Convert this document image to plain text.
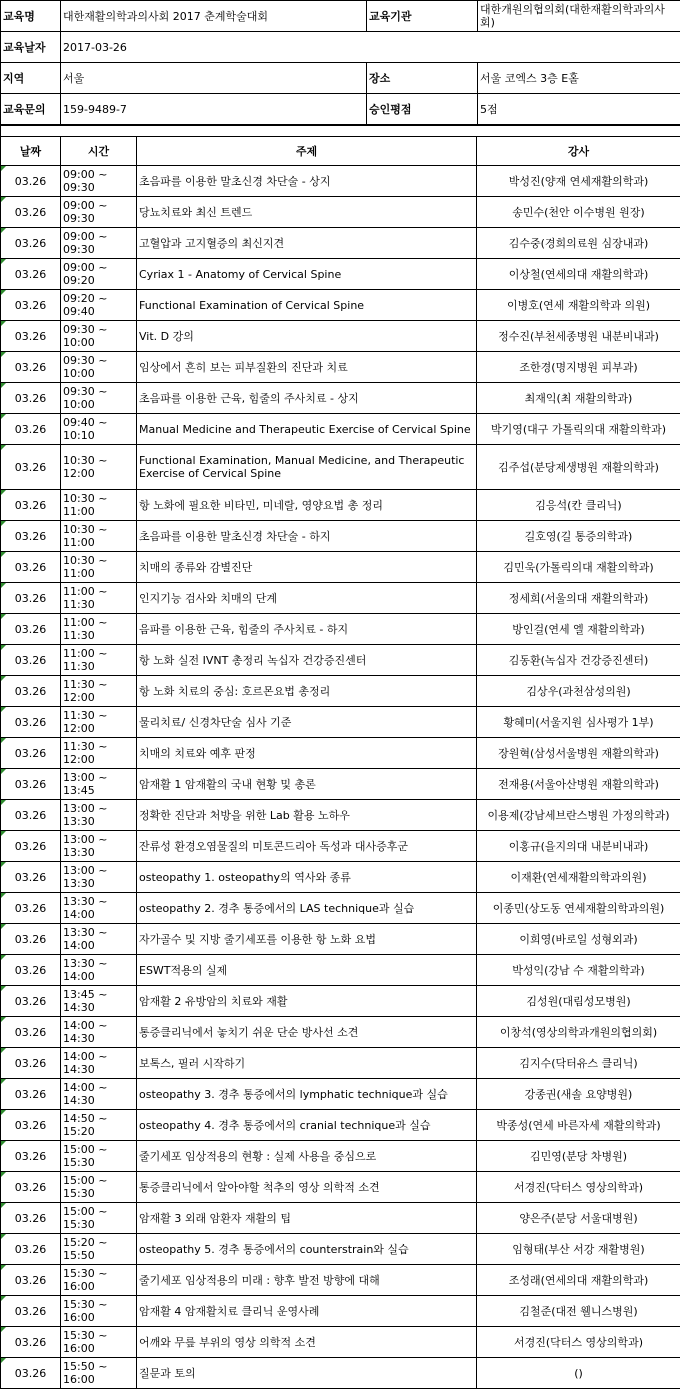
교육명	대한재활의학과의사회 2017 춘계학술대회	교육기관	대한개원의협의회(대한재활의학과의사회)
교육날자	2017-03-26		
지역	서울	장소	서울 코엑스 3층 E홀
교육문의	159-9489-7	승인평점	5점

날짜	시간	주제	강사

03.26	09:00 ~ 09:30	초음파를 이용한 말초신경 차단술 - 상지	박성진(양재 연세재활의학과)

03.26	09:00 ~ 09:30	당뇨치료와 최신 트렌드	송민수(천안 이수병원 원장)

03.26	09:00 ~ 09:30	고혈압과 고지혈증의 최신지견	김수중(경희의료원 심장내과)

03.26	09:00 ~ 09:20	Cyriax 1 - Anatomy of Cervical Spine	이상철(연세의대 재활의학과)

03.26	09:20 ~ 09:40	Functional Examination of Cervical Spine	이병호(연세 재활의학과 의원)

03.26	09:30 ~ 10:00	Vit. D 강의	정수진(부천세종병원 내분비내과)

03.26	09:30 ~ 10:00	임상에서 흔히 보는 피부질환의 진단과 치료	조한경(명지병원 피부과)

03.26	09:30 ~ 10:00	초음파를 이용한 근육, 힘줄의 주사치료 - 상지	최재익(최 재활의학과)

03.26	09:40 ~ 10:10	Manual Medicine and Therapeutic Exercise of Cervical Spine	박기영(대구 가톨릭의대 재활의학과)

03.26	10:30 ~ 12:00	Functional Examination, Manual Medicine, and Therapeutic Exercise of Cervical Spine	김주섭(분당제생병원 재활의학과)

03.26	10:30 ~ 11:00	항 노화에 필요한 비타민, 미네랄, 영양요법 총 정리	김응석(칸 클리닉)

03.26	10:30 ~ 11:00	초음파를 이용한 말초신경 차단술 - 하지	길호영(길 통증의학과)

03.26	10:30 ~ 11:00	치매의 종류와 감별진단	김민욱(가톨릭의대 재활의학과)

03.26	11:00 ~ 11:30	인지기능 검사와 치매의 단계	정세희(서울의대 재활의학과)

03.26	11:00 ~ 11:30	음파를 이용한 근육, 힘줄의 주사치료 - 하지	방인걸(연세 엘 재활의학과)

03.26	11:00 ~ 11:30	항 노화 실전 IVNT 총정리 녹십자 건강증진센터	김동환(녹십자 건강증진센터)

03.26	11:30 ~ 12:00	항 노화 치료의 중심: 호르몬요법 총정리	김상우(과천삼성의원)

03.26	11:30 ~ 12:00	물리치료/ 신경차단술 심사 기준	황혜미(서울지원 심사평가 1부)

03.26	11:30 ~ 12:00	치매의 치료와 예후 판정	장원혁(삼성서울병원 재활의학과)

03.26	13:00 ~ 13:45	암재활 1 암재활의 국내 현황 및 총론	전재용(서울아산병원 재활의학과)

03.26	13:00 ~ 13:30	정확한 진단과 처방을 위한 Lab 활용 노하우	이용제(강남세브란스병원 가정의학과)

03.26	13:00 ~ 13:30	잔류성 환경오염물질의 미토콘드리아 독성과 대사증후군	이홍규(을지의대 내분비내과)

03.26	13:00 ~ 13:30	osteopathy 1. osteopathy의 역사와 종류	이재환(연세재활의학과의원)

03.26	13:30 ~ 14:00	osteopathy 2. 경추 통증에서의 LAS technique과 실습	이종민(상도동 연세재활의학과의원)

03.26	13:30 ~ 14:00	자가골수 및 지방 줄기세포를 이용한 항 노화 요법	이희영(바로일 성형외과)

03.26	13:30 ~ 14:00	ESWT적용의 실제	박성익(강남 수 재활의학과)

03.26	13:45 ~ 14:30	암재활 2 유방암의 치료와 재활	김성원(대림성모병원)

03.26	14:00 ~ 14:30	통증클리닉에서 놓치기 쉬운 단순 방사선 소견	이창석(영상의학과개원의협의회)

03.26	14:00 ~ 14:30	보톡스, 필러 시작하기	김지수(닥터유스 클리닉)

03.26	14:00 ~ 14:30	osteopathy 3. 경추 통증에서의 lymphatic technique과 실습	강종권(새솔 요양병원)

03.26	14:50 ~ 15:20	osteopathy 4. 경추 통증에서의 cranial technique과 실습	박종성(연세 바른자세 재활의학과)

03.26	15:00 ~ 15:30	줄기세포 임상적용의 현황 : 실제 사용을 중심으로	김민영(분당 차병원)

03.26	15:00 ~ 15:30	통증클리닉에서 알아야할 척추의 영상 의학적 소견	서경진(닥터스 영상의학과)

03.26	15:00 ~ 15:30	암재활 3 외래 암환자 재활의 팁	양은주(분당 서울대병원)

03.26	15:20 ~ 15:50	osteopathy 5. 경추 통증에서의 counterstrain와 실습	임형태(부산 서강 재활병원)

03.26	15:30 ~ 16:00	줄기세포 임상적용의 미래 : 향후 발전 방향에 대해	조성래(연세의대 재활의학과)

03.26	15:30 ~ 16:00	암재활 4 암재활치료 클리닉 운영사례	김철준(대전 웰니스병원)

03.26	15:30 ~ 16:00	어깨와 무릎 부위의 영상 의학적 소견	서경진(닥터스 영상의학과)

03.26	15:50 ~ 16:00	질문과 토의	()
